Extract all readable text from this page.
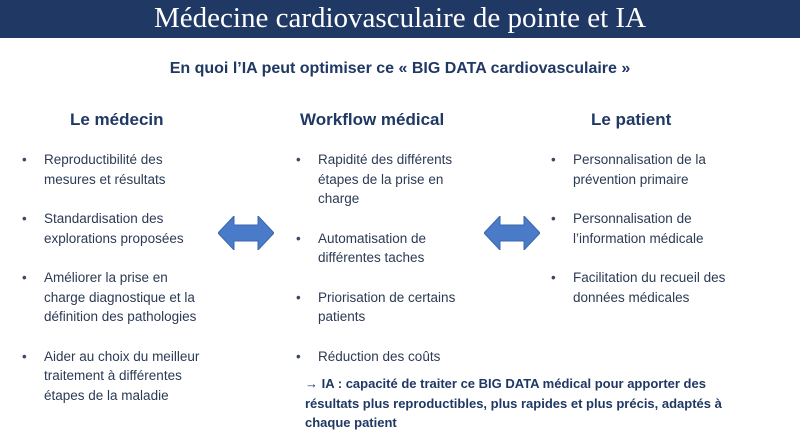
Médecine cardiovasculaire de pointe et IA
En quoi l’IA peut optimiser ce « BIG DATA cardiovasculaire »
Le médecin
• Reproductibilité des mesures et résultats
• Standardisation des explorations proposées
• Améliorer la prise en charge diagnostique et la définition des pathologies
• Aider au choix du meilleur traitement à différentes étapes de la maladie
Workflow médical
• Rapidité des différents étapes de la prise en charge
• Automatisation de différentes taches
• Priorisation de certains patients
• Réduction des coûts
Le patient
• Personnalisation de la prévention primaire
• Personnalisation de l’information médicale
• Facilitation du recueil des données médicales
→ IA : capacité de traiter ce BIG DATA médical pour apporter des résultats plus reproductibles, plus rapides et plus précis, adaptés à chaque patient
